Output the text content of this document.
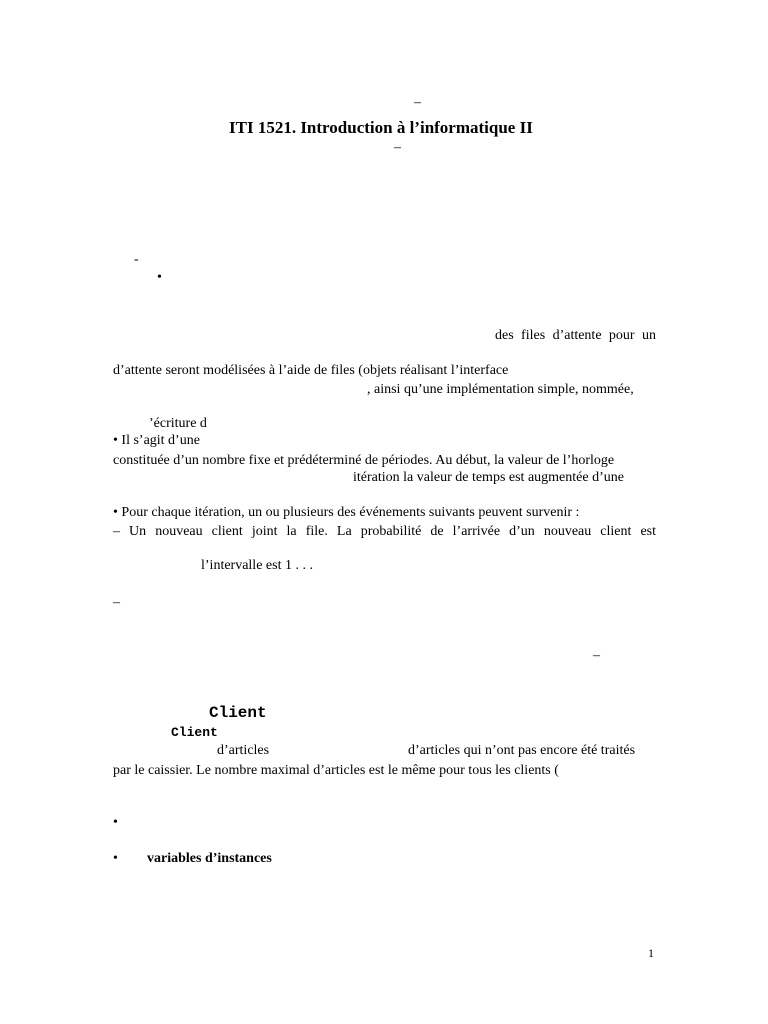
–
ITI 1521. Introduction à l’informatique II
–
-
•
des files d’attente pour un
d’attente seront modélisées à l’aide de files (objets réalisant l’interface
, ainsi qu’une implémentation simple, nommée,
’écriture d
• Il s’agit d’une
constituée d’un nombre fixe et prédéterminé de périodes. Au début, la valeur de l’horloge
itération la valeur de temps est augmentée d’une
• Pour chaque itération, un ou plusieurs des événements suivants peuvent survenir :
– Un nouveau client joint la file. La probabilité de l’arrivée d’un nouveau client est
l’intervalle est 1 . . .
–
–
Client
Client
d’articles	d’articles qui n’ont pas encore été traités
par le caissier. Le nombre maximal d’articles est le même pour tous les clients (
•
• variables d’instances
1
